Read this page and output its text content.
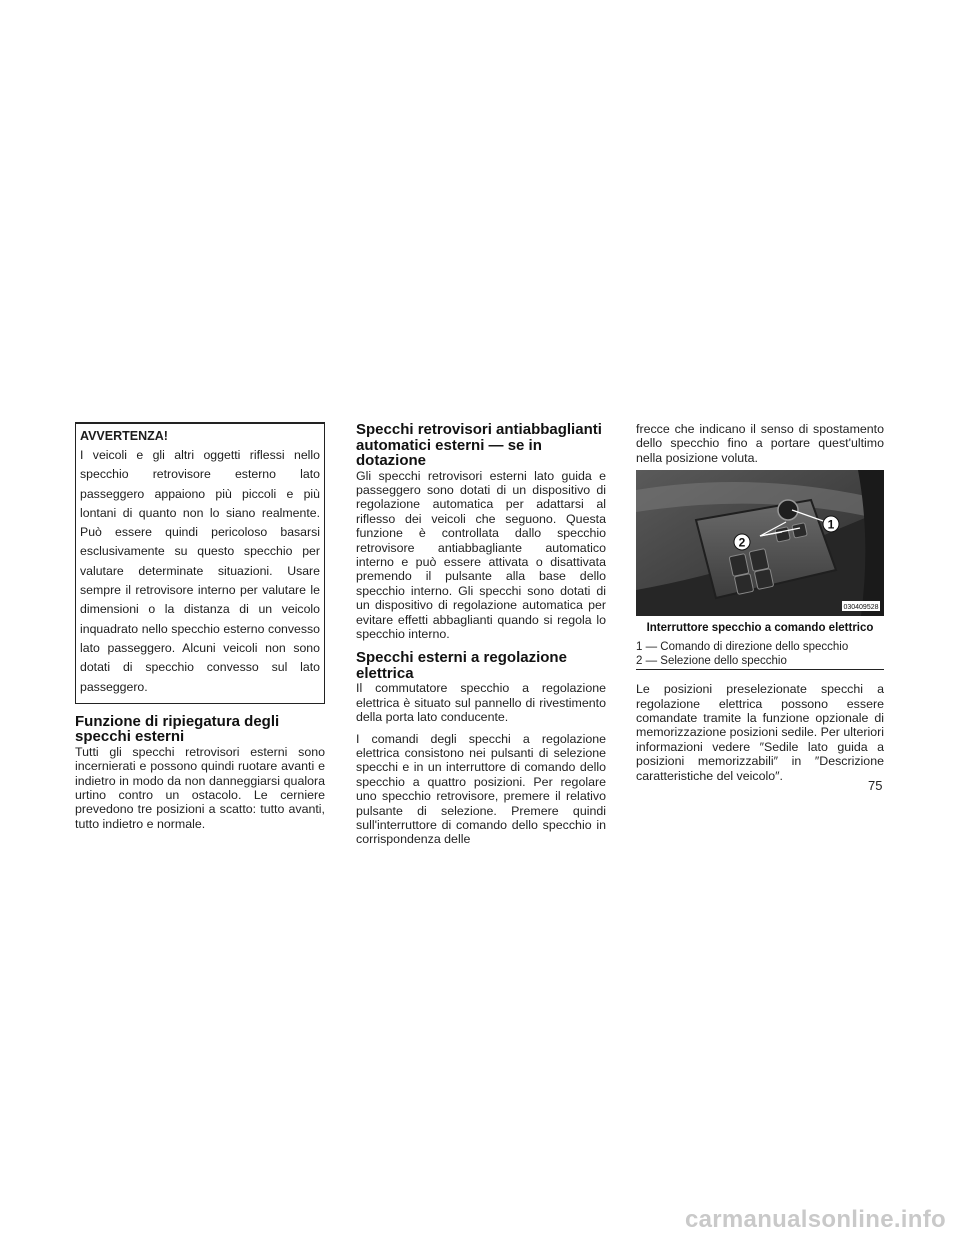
AVVERTENZA!

I veicoli e gli altri oggetti riflessi nello specchio retrovisore esterno lato passeggero appaiono più piccoli e più lontani di quanto non lo siano realmente. Può essere quindi pericoloso basarsi esclusivamente su questo specchio per valutare determinate situazioni. Usare sempre il retrovisore interno per valutare le dimensioni o la distanza di un veicolo inquadrato nello specchio esterno convesso lato passeggero. Alcuni veicoli non sono dotati di specchio convesso sul lato passeggero.

Funzione di ripiegatura degli specchi esterni

Tutti gli specchi retrovisori esterni sono incernierati e possono quindi ruotare avanti e indietro in modo da non danneggiarsi qualora urtino contro un ostacolo. Le cerniere prevedono tre posizioni a scatto: tutto avanti, tutto indietro e normale.

Specchi retrovisori antiabbaglianti automatici esterni — se in dotazione

Gli specchi retrovisori esterni lato guida e passeggero sono dotati di un dispositivo di regolazione automatica per adattarsi al riflesso dei veicoli che seguono. Questa funzione è controllata dallo specchio retrovisore antiabbagliante automatico interno e può essere attivata o disattivata premendo il pulsante alla base dello specchio interno. Gli specchi sono dotati di un dispositivo di regolazione automatica per evitare effetti abbaglianti quando si regola lo specchio interno.

Specchi esterni a regolazione elettrica

Il commutatore specchio a regolazione elettrica è situato sul pannello di rivestimento della porta lato conducente.

I comandi degli specchi a regolazione elettrica consistono nei pulsanti di selezione specchi e in un interruttore di comando dello specchio a quattro posizioni. Per regolare uno specchio retrovisore, premere il relativo pulsante di selezione. Premere quindi sull'interruttore di comando dello specchio in corrispondenza delle

frecce che indicano il senso di spostamento dello specchio fino a portare quest'ultimo nella posizione voluta.

1
2
030409528
Interruttore specchio a comando elettrico
1 — Comando di direzione dello specchio
2 — Selezione dello specchio

Le posizioni preselezionate specchi a regolazione elettrica possono essere comandate tramite la funzione opzionale di memorizzazione posizioni sedile. Per ulteriori informazioni vedere ″Sedile lato guida a posizioni memorizzabili″ in ″Descrizione caratteristiche del veicolo″.

75
carmanualsonline.info
